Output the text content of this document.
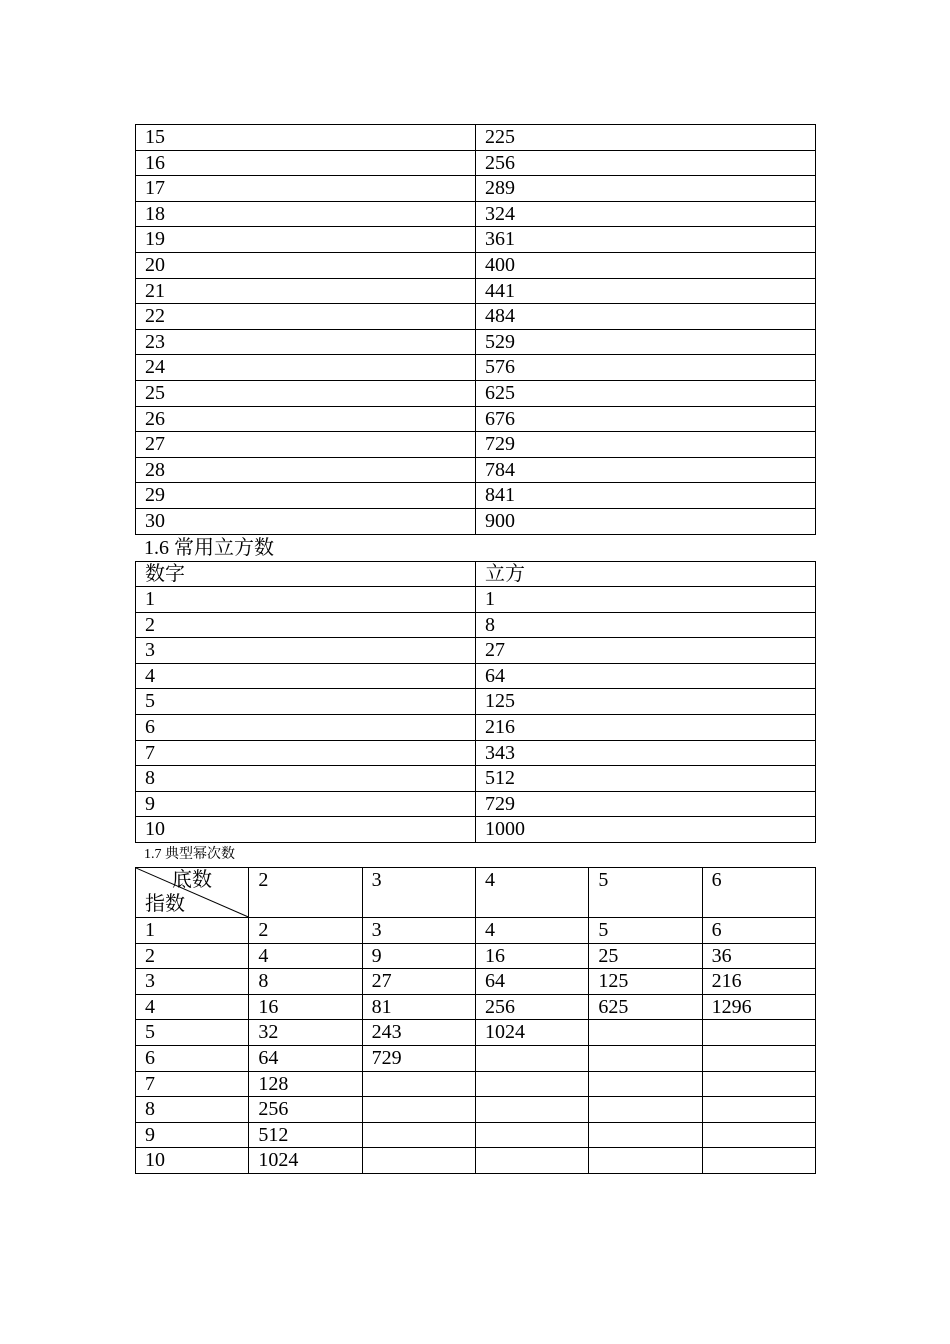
15	225
16	256
17	289
18	324
19	361
20	400
21	441
22	484
23	529
24	576
25	625
26	676
27	729
28	784
29	841
30	900
1.6 常用立方数
数字	立方
1	1
2	8
3	27
4	64
5	125
6	216
7	343
8	512
9	729
10	1000
1.7 典型幂次数
底数
指数	2	3	4	5	6
1	2	3	4	5	6
2	4	9	16	25	36
3	8	27	64	125	216
4	16	81	256	625	1296
5	32	243	1024		
6	64	729			
7	128				
8	256				
9	512				
10	1024				
